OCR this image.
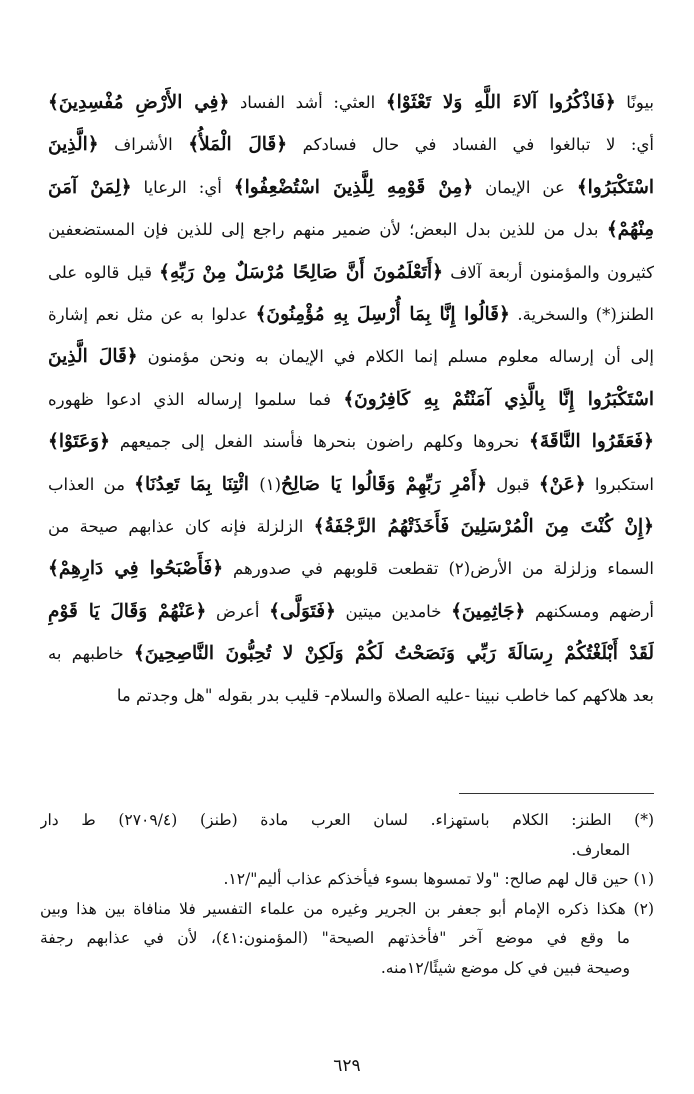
بيونًا ﴿فَاذْكُرُوا آلاءَ اللَّهِ وَلا تَعْثَوْا﴾ العثي: أشد الفساد ﴿فِي الأَرْضِ مُفْسِدِينَ﴾
أي: لا تبالغوا في الفساد في حال فسادكم ﴿قَالَ الْمَلأُ﴾ الأشراف ﴿الَّذِينَ
اسْتَكْبَرُوا﴾ عن الإيمان ﴿مِنْ قَوْمِهِ لِلَّذِينَ اسْتُضْعِفُوا﴾ أي: الرعايا ﴿لِمَنْ آمَنَ
مِنْهُمْ﴾ بدل من للذين بدل البعض؛ لأن ضمير منهم راجع إلى للذين فإن المستضعفين
كثيرون والمؤمنون أربعة آلاف ﴿أَتَعْلَمُونَ أَنَّ صَالِحًا مُرْسَلٌ مِنْ رَبِّهِ﴾ قيل قالوه على
الطنز(*) والسخرية. ﴿قَالُوا إِنَّا بِمَا أُرْسِلَ بِهِ مُؤْمِنُونَ﴾ عدلوا به عن مثل نعم إشارة
إلى أن إرساله معلوم مسلم إنما الكلام في الإيمان به ونحن مؤمنون ﴿قَالَ الَّذِينَ
اسْتَكْبَرُوا إِنَّا بِالَّذِي آمَنْتُمْ بِهِ كَافِرُونَ﴾ فما سلموا إرساله الذي ادعوا ظهوره
﴿فَعَقَرُوا النَّاقَةَ﴾ نحروها وكلهم راضون بنحرها فأسند الفعل إلى جميعهم ﴿وَعَتَوْا﴾
استكبروا ﴿عَنْ﴾ قبول ﴿أَمْرِ رَبِّهِمْ وَقَالُوا يَا صَالِحُ(١) ائْتِنَا بِمَا تَعِدُنَا﴾ من العذاب
﴿إِنْ كُنْتَ مِنَ الْمُرْسَلِينَ فَأَخَذَتْهُمُ الرَّجْفَةُ﴾ الزلزلة فإنه كان عذابهم صيحة من
السماء وزلزلة من الأرض(٢) تقطعت قلوبهم في صدورهم ﴿فَأَصْبَحُوا فِي دَارِهِمْ﴾
أرضهم ومسكنهم ﴿جَاثِمِينَ﴾ خامدين ميتين ﴿فَتَوَلَّى﴾ أعرض ﴿عَنْهُمْ وَقَالَ يَا قَوْمِ
لَقَدْ أَبْلَغْتُكُمْ رِسَالَةَ رَبِّي وَنَصَحْتُ لَكُمْ وَلَكِنْ لا تُحِبُّونَ النَّاصِحِينَ﴾ خاطبهم به
بعد هلاكهم كما خاطب نبينا -عليه الصلاة والسلام- قليب بدر بقوله "هل وجدتم ما
(*) الطنز: الكلام باستهزاء. لسان العرب مادة (طنز) (٢٧٠٩/٤) ط دار
المعارف.
(١) حين قال لهم صالح: "ولا تمسوها بسوء فيأخذكم عذاب أليم"/١٢.
(٢) هكذا ذكره الإمام أبو جعفر بن الجرير وغيره من علماء التفسير فلا منافاة بين هذا وبين
ما وقع في موضع آخر "فأخذتهم الصيحة" (المؤمنون:٤١)، لأن في عذابهم رجفة
وصيحة فبين في كل موضع شيئًا/١٢منه.
٦٢٩
